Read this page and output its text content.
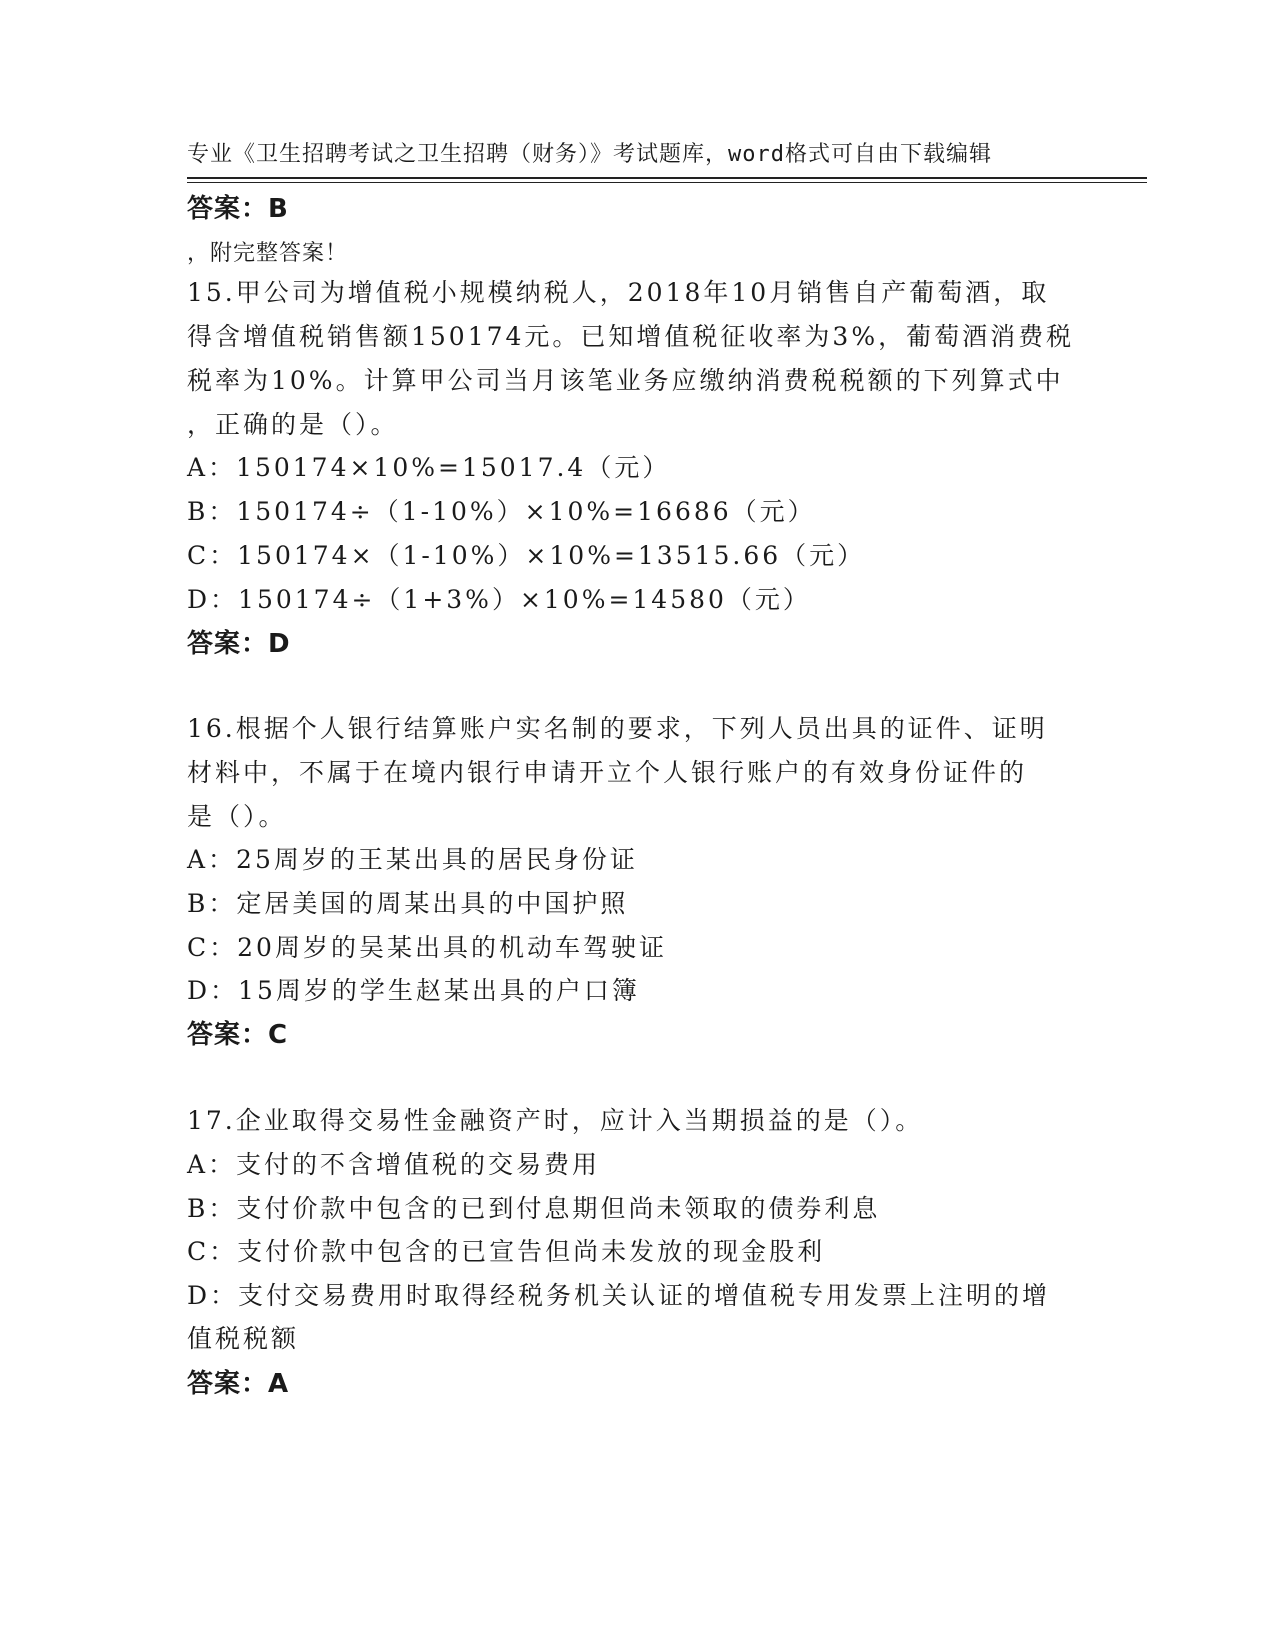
专业《卫生招聘考试之卫生招聘（财务）》考试题库，word格式可自由下载编辑

，附完整答案！

答案：B
15.甲公司为增值税小规模纳税人，2018年10月销售自产葡萄酒，取
得含增值税销售额150174元。已知增值税征收率为3%，葡萄酒消费税
税率为10%。计算甲公司当月该笔业务应缴纳消费税税额的下列算式中
，正确的是（）。
A：150174×10%=15017.4（元）
B：150174÷（1-10%）×10%=16686（元）
C：150174×（1-10%）×10%=13515.66（元）
D：150174÷（1+3%）×10%=14580（元）
答案：D
16.根据个人银行结算账户实名制的要求，下列人员出具的证件、证明
材料中，不属于在境内银行申请开立个人银行账户的有效身份证件的
是（）。
A：25周岁的王某出具的居民身份证
B：定居美国的周某出具的中国护照
C：20周岁的吴某出具的机动车驾驶证
D：15周岁的学生赵某出具的户口簿
答案：C
17.企业取得交易性金融资产时，应计入当期损益的是（）。
A：支付的不含增值税的交易费用
B：支付价款中包含的已到付息期但尚未领取的债券利息
C：支付价款中包含的已宣告但尚未发放的现金股利
D：支付交易费用时取得经税务机关认证的增值税专用发票上注明的增
值税税额
答案：A
